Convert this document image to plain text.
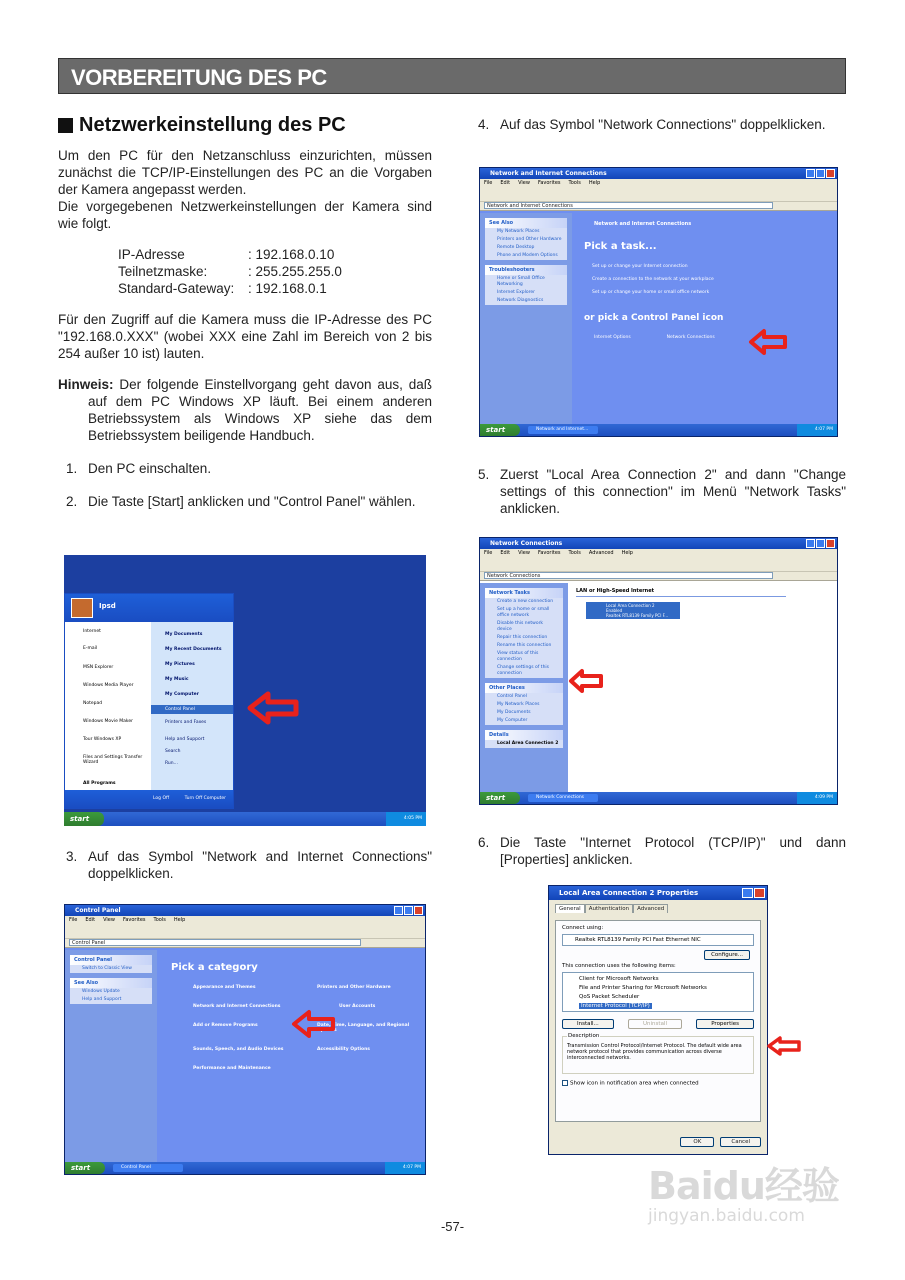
VORBEREITUNG DES PC
Netzwerkeinstellung des PC

Um den PC für den Netzanschluss einzurichten, müssen zunächst die TCP/IP-Einstellungen des PC an die Vorgaben der Kamera angepasst werden.

Die vorgegebenen Netzwerkeinstellungen der Kamera sind wie folgt.

IP-Adresse	: 192.168.0.10
Teilnetzmaske:	: 255.255.255.0
Standard-Gateway:	: 192.168.0.1

Für den Zugriff auf die Kamera muss die IP-Adresse des PC "192.168.0.XXX" (wobei XXX eine Zahl im Bereich von 2 bis 254 außer 10 ist) lauten.

Hinweis: Der folgende Einstellvorgang geht davon aus, daß auf dem PC Windows XP läuft. Bei einem anderen Betriebssystem als Windows XP siehe das dem Betriebssystem beiligende Handbuch.

1. Den PC einschalten.
2. Die Taste [Start] anklicken und "Control Panel" wählen.
3. Auf das Symbol "Network and Internet Connections" doppelklicken.
4. Auf das Symbol "Network Connections" doppelklicken.
5. Zuerst "Local Area Connection 2" and dann "Change settings of this connection" im Menü "Network Tasks" anklicken.
6. Die Taste "Internet Protocol (TCP/IP)" und dann [Properties] anklicken.
Ipsd
Internet
E-mail
MSN Explorer
Windows Media Player
Notepad
Windows Movie Maker
Tour Windows XP
Files and Settings Transfer Wizard
All Programs
My Documents
My Recent Documents
My Pictures
My Music
My Computer
Control Panel
Printers and Faxes
Help and Support
Search
Run...
Log Off	Turn Off Computer
start	4:05 PM
Control Panel
File Edit View Favorites Tools Help
Control Panel
Control Panel
Switch to Classic View
See Also
Windows Update
Help and Support
Pick a category
Appearance and Themes	Printers and Other Hardware
Network and Internet Connections	User Accounts
Add or Remove Programs	Date, Time, Language, and Regional Options
Sounds, Speech, and Audio Devices	Accessibility Options
Performance and Maintenance
start	Control Panel	4:07 PM
Network and Internet Connections
File Edit View Favorites Tools Help
Network and Internet Connections
See Also
My Network Places
Printers and Other Hardware
Remote Desktop
Phone and Modem Options
Troubleshooters
Home or Small Office Networking
Internet Explorer
Network Diagnostics
Network and Internet Connections
Pick a task...
Set up or change your Internet connection
Create a connection to the network at your workplace
Set up or change your home or small office network
or pick a Control Panel icon
Internet Options	Network Connections
start	Network and Internet...	4:07 PM
Network Connections
File Edit View Favorites Tools Advanced Help
Network Connections
Network Tasks
Create a new connection
Set up a home or small office network
Disable this network device
Repair this connection
Rename this connection
View status of this connection
Change settings of this connection
Other Places
Control Panel
My Network Places
My Documents
My Computer
Details
Local Area Connection 2
LAN or High-Speed Internet
Local Area Connection 2
Enabled
Realtek RTL8139 Family PCI F...
start	Network Connections	4:09 PM
Local Area Connection 2 Properties
General	Authentication	Advanced
Connect using:
Realtek RTL8139 Family PCI Fast Ethernet NIC
Configure...
This connection uses the following items:
Client for Microsoft Networks
File and Printer Sharing for Microsoft Networks
QoS Packet Scheduler
Internet Protocol (TCP/IP)
Install...	Uninstall	Properties
Description
Transmission Control Protocol/Internet Protocol. The default wide area network protocol that provides communication across diverse interconnected networks.
Show icon in notification area when connected
OK	Cancel
-57-
Baidu经验
jingyan.baidu.com
